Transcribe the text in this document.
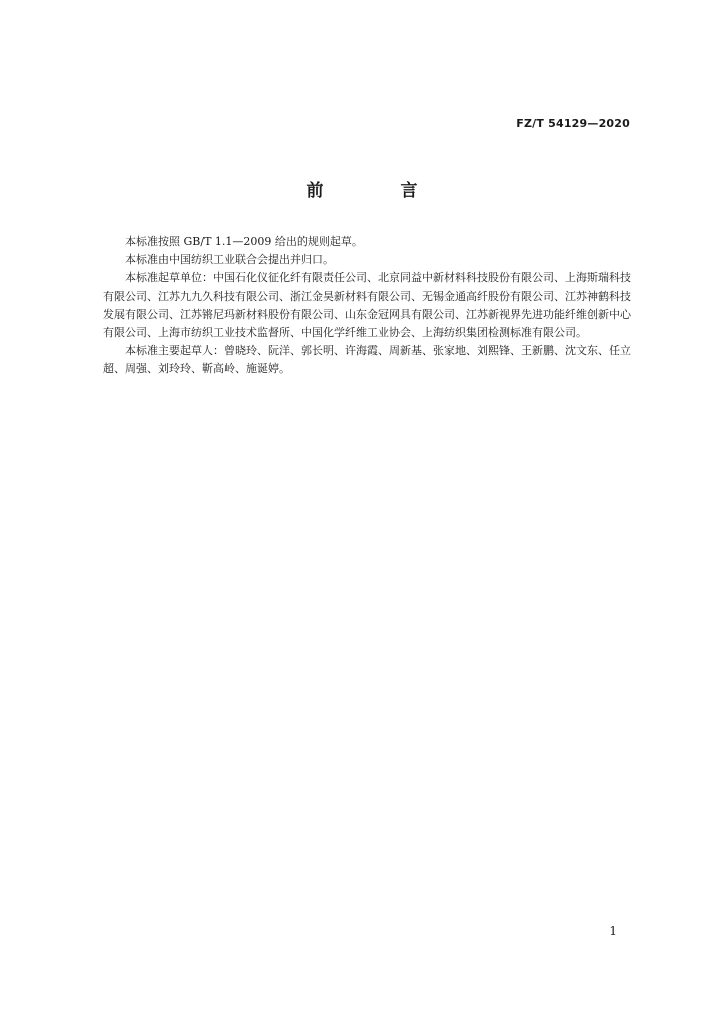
FZ/T 54129—2020
前　言

本标准按照 GB/T 1.1—2009 给出的规则起草。

本标准由中国纺织工业联合会提出并归口。

本标准起草单位：中国石化仪征化纤有限责任公司、北京同益中新材料科技股份有限公司、上海斯瑞科技有限公司、江苏九九久科技有限公司、浙江金昊新材料有限公司、无锡金通高纤股份有限公司、江苏神鹤科技发展有限公司、江苏锵尼玛新材料股份有限公司、山东金冠网具有限公司、江苏新视界先进功能纤维创新中心有限公司、上海市纺织工业技术监督所、中国化学纤维工业协会、上海纺织集团检测标准有限公司。

本标准主要起草人：曾晓玲、阮洋、郭长明、许海霞、周新基、张家地、刘熙锋、王新鹏、沈文东、任立超、周强、刘玲玲、靳高岭、施诞婷。

1
